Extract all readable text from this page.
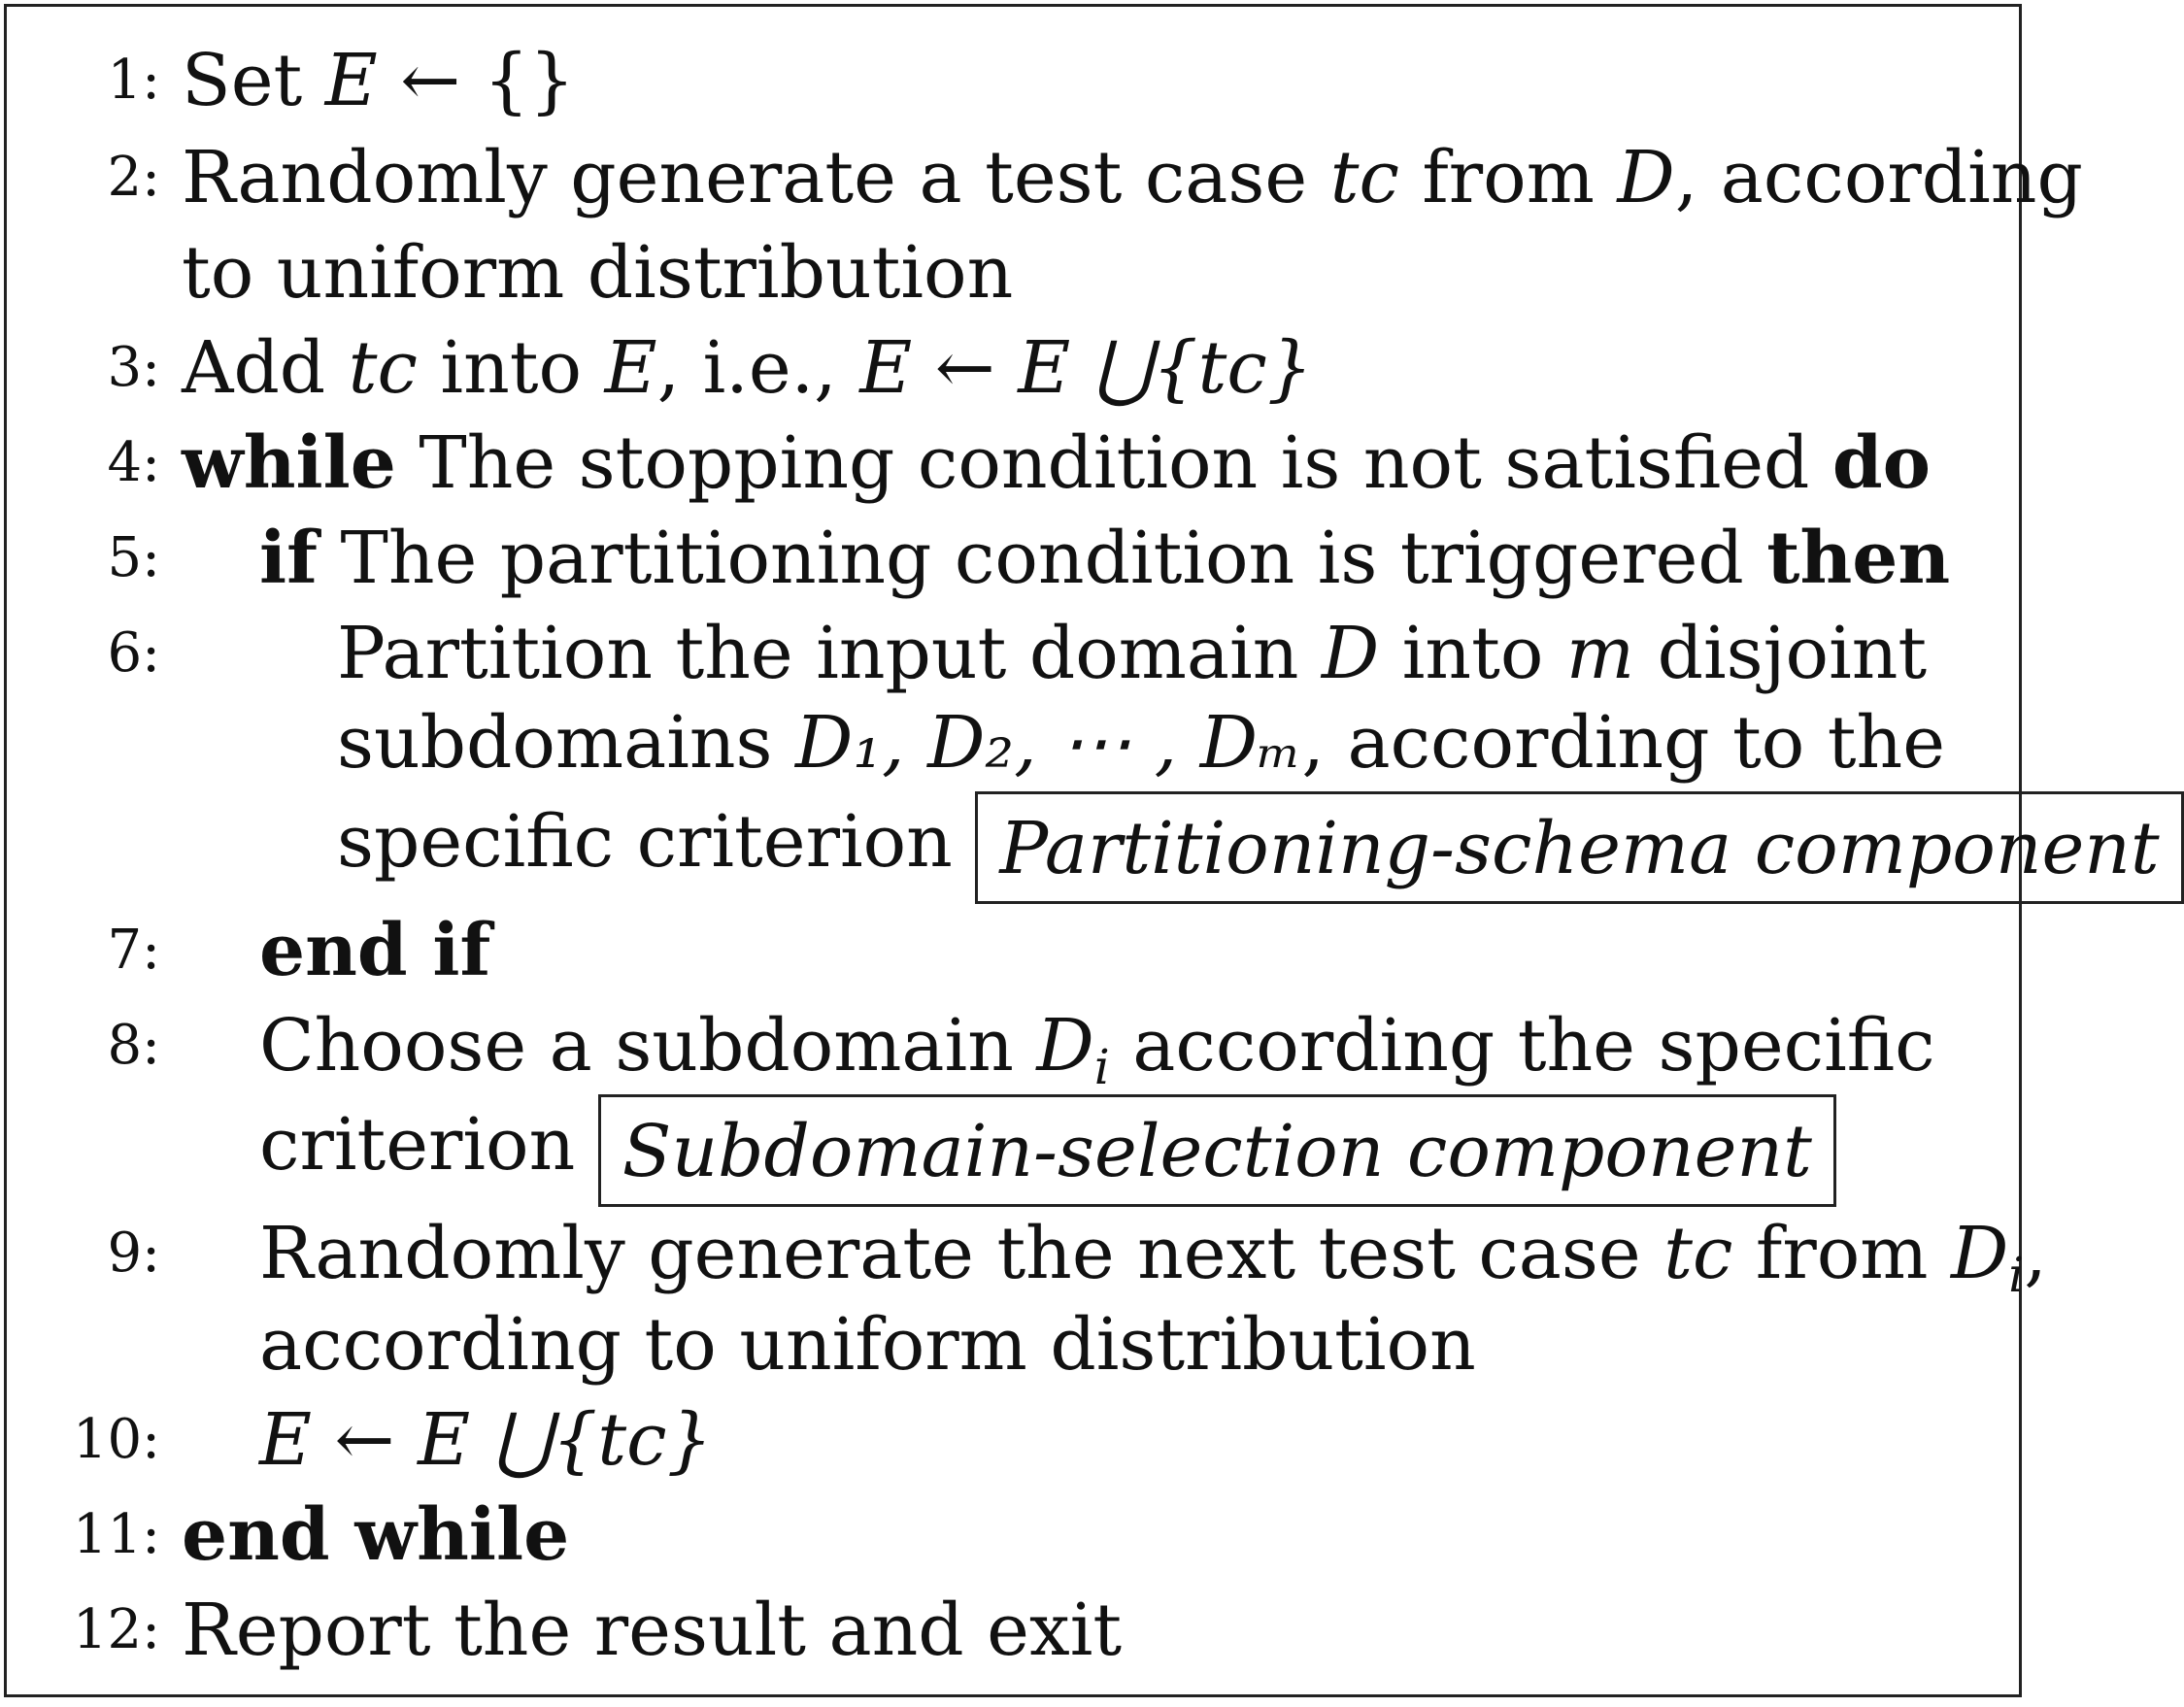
1: Set E ← {}
2: Randomly generate a test case tc from D, according
to uniform distribution
3: Add tc into E, i.e., E ← E ⋃{tc}
4: while The stopping condition is not satisfied do
5: if The partitioning condition is triggered then
6: Partition the input domain D into m disjoint
subdomains D₁, D₂, ⋯ , Dₘ, according to the
specific criterion Partitioning-schema component
7: end if
8: Choose a subdomain $D_i$ according the specific
criterion Subdomain-selection component
9: Randomly generate the next test case tc from $D_i$,
according to uniform distribution
10: E ← E ⋃{tc}
11: end while
12: Report the result and exit
